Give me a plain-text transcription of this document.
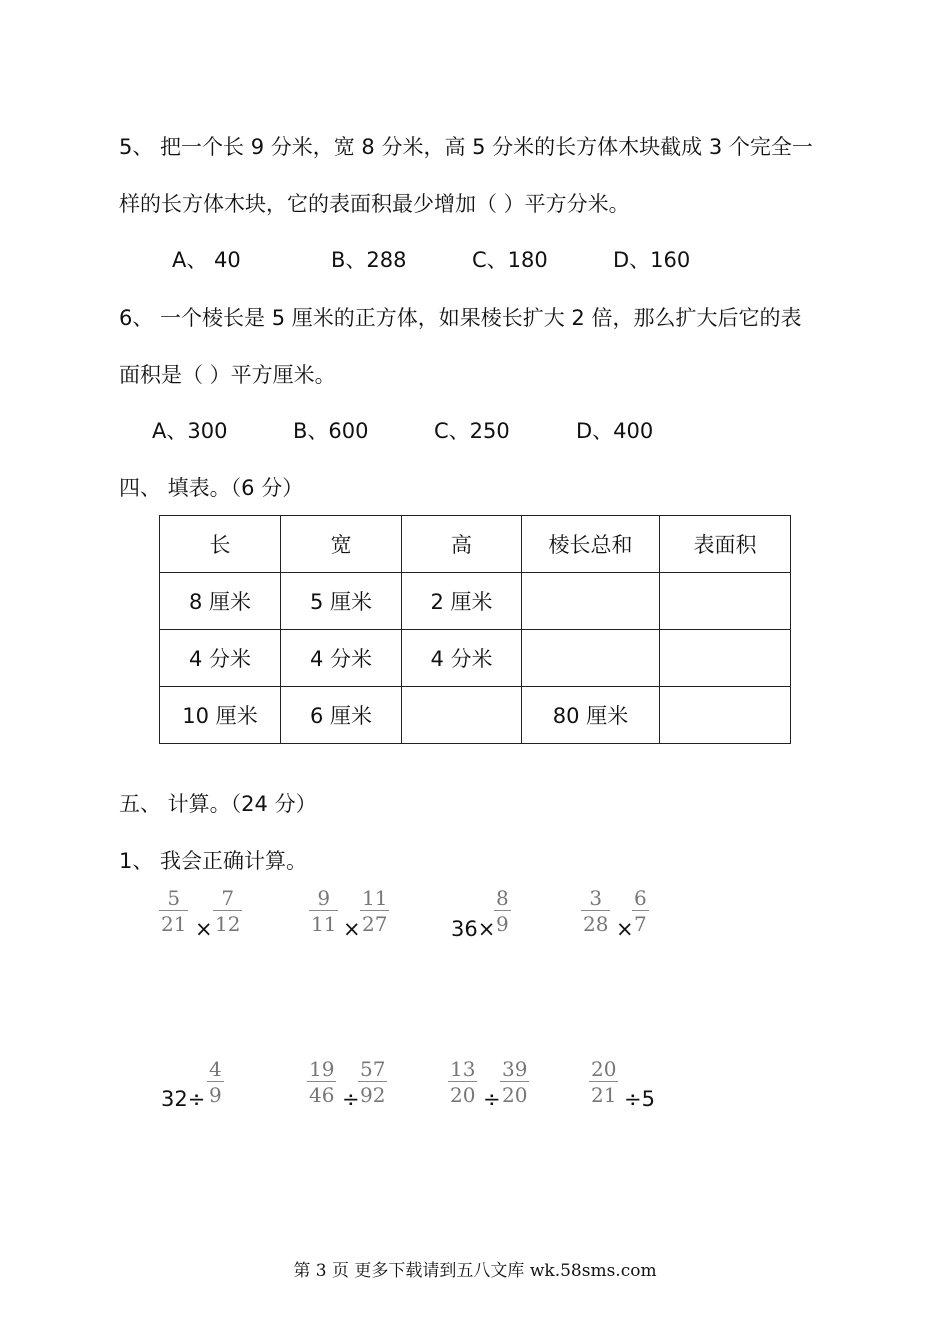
5、 把一个长 9 分米，宽 8 分米，高 5 分米的长方体木块截成 3 个完全一
样的长方体木块，它的表面积最少增加（ ）平方分米。
A、 40	B、288	C、180	D、160
6、 一个棱长是 5 厘米的正方体，如果棱长扩大 2 倍，那么扩大后它的表
面积是（ ）平方厘米。
A、300	B、600	C、250	D、400
四、 填表。（6 分）
长	宽	高	棱长总和	表面积
8 厘米	5 厘米	2 厘米		
4 分米	4 分米	4 分米		
10 厘米	6 厘米		80 厘米	
五、 计算。（24 分）
1、 我会正确计算。
5
21 ×
7
12
9
11 ×
11
27	36×
8
9
3
28 ×
6
7
32÷
4
9
19
46 ÷
57
92
13
20 ÷
39
20
20
21 ÷5
第 3 页 更多下载请到五八文库 wk.58sms.com
